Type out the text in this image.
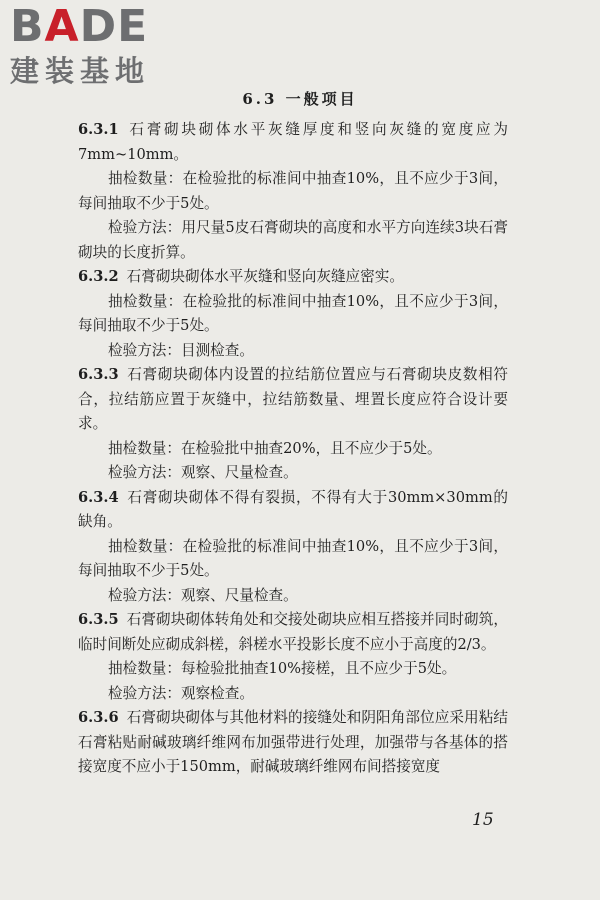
BADE
建装基地
6.3 一般项目

6.3.1 石膏砌块砌体水平灰缝厚度和竖向灰缝的宽度应为7mm~10mm。

抽检数量：在检验批的标准间中抽查10%，且不应少于3间，每间抽取不少于5处。

检验方法：用尺量5皮石膏砌块的高度和水平方向连续3块石膏砌块的长度折算。

6.3.2 石膏砌块砌体水平灰缝和竖向灰缝应密实。

抽检数量：在检验批的标准间中抽查10%，且不应少于3间，每间抽取不少于5处。

检验方法：目测检查。

6.3.3 石膏砌块砌体内设置的拉结筋位置应与石膏砌块皮数相符合，拉结筋应置于灰缝中，拉结筋数量、埋置长度应符合设计要求。

抽检数量：在检验批中抽查20%，且不应少于5处。

检验方法：观察、尺量检查。

6.3.4 石膏砌块砌体不得有裂损，不得有大于30mm×30mm的缺角。

抽检数量：在检验批的标准间中抽查10%，且不应少于3间，每间抽取不少于5处。

检验方法：观察、尺量检查。

6.3.5 石膏砌块砌体转角处和交接处砌块应相互搭接并同时砌筑，临时间断处应砌成斜槎，斜槎水平投影长度不应小于高度的2/3。

抽检数量：每检验批抽查10%接槎，且不应少于5处。

检验方法：观察检查。

6.3.6 石膏砌块砌体与其他材料的接缝处和阴阳角部位应采用粘结石膏粘贴耐碱玻璃纤维网布加强带进行处理，加强带与各基体的搭接宽度不应小于150mm，耐碱玻璃纤维网布间搭接宽度

15
